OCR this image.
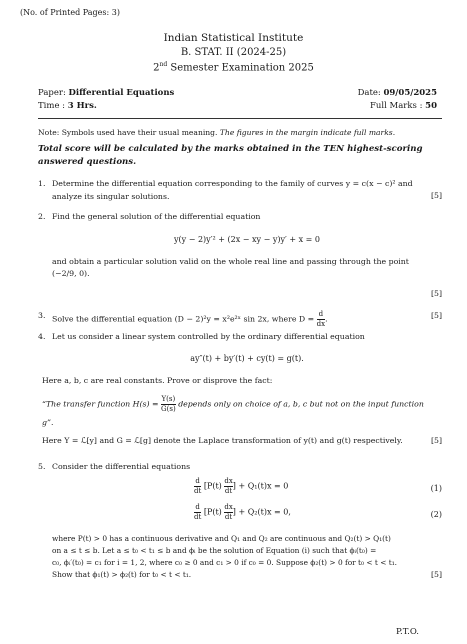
(No. of Printed Pages: 3)
Indian Statistical Institute
B. STAT. II (2024-25)
2nd Semester Examination 2025
Paper: Differential Equations	Date: 09/05/2025
Time : 3 Hrs.	Full Marks : 50
Note: Symbols used have their usual meaning. The figures in the margin indicate full marks.
Total score will be calculated by the marks obtained in the TEN highest-scoring answered questions.
1. Determine the differential equation corresponding to the family of curves y = c(x − c)² and
analyze its singular solutions.	[5]
2. Find the general solution of the differential equation
y(y − 2)y′² + (2x − xy − y)y′ + x = 0
and obtain a particular solution valid on the whole real line and passing through the point
(−2/9, 0).
[5]
3. Solve the differential equation (D − 2)²y = x²e²ˣ sin 2x, where $D = \frac{d}{dx}$ .	[5]
4. Let us consider a linear system controlled by the ordinary differential equation
ay″(t) + by′(t) + cy(t) = g(t).
Here a, b, c are real constants. Prove or disprove the fact:
“The transfer function $H(s) = \frac{Y(s)}{G(s)}$ depends only on choice of a, b, c but not on the input function
g”.
Here Y = ℒ[y] and G = ℒ[g] denote the Laplace transformation of y(t) and g(t) respectively.	[5]
5. Consider the differential equations
$\frac{d}{dt} [P(t) \frac{dx}{dt}$ ] + Q₁(t)x = 0	(1)
$\frac{d}{dt} [P(t) \frac{dx}{dt}$ ] + Q₂(t)x = 0,	(2)
where P(t) > 0 has a continuous derivative and Q₁ and Q₂ are continuous and Q₂(t) > Q₁(t)
on a ≤ t ≤ b. Let a ≤ t₀ < t₁ ≤ b and ϕᵢ be the solution of Equation (i) such that ϕᵢ(t₀) =
c₀, ϕᵢ′(t₀) = c₁ for i = 1, 2, where c₀ ≥ 0 and c₁ > 0 if c₀ = 0. Suppose ϕ₂(t) > 0 for t₀ < t < t₁.
Show that ϕ₁(t) > ϕ₂(t) for t₀ < t < t₁.	[5]
P.T.O.
